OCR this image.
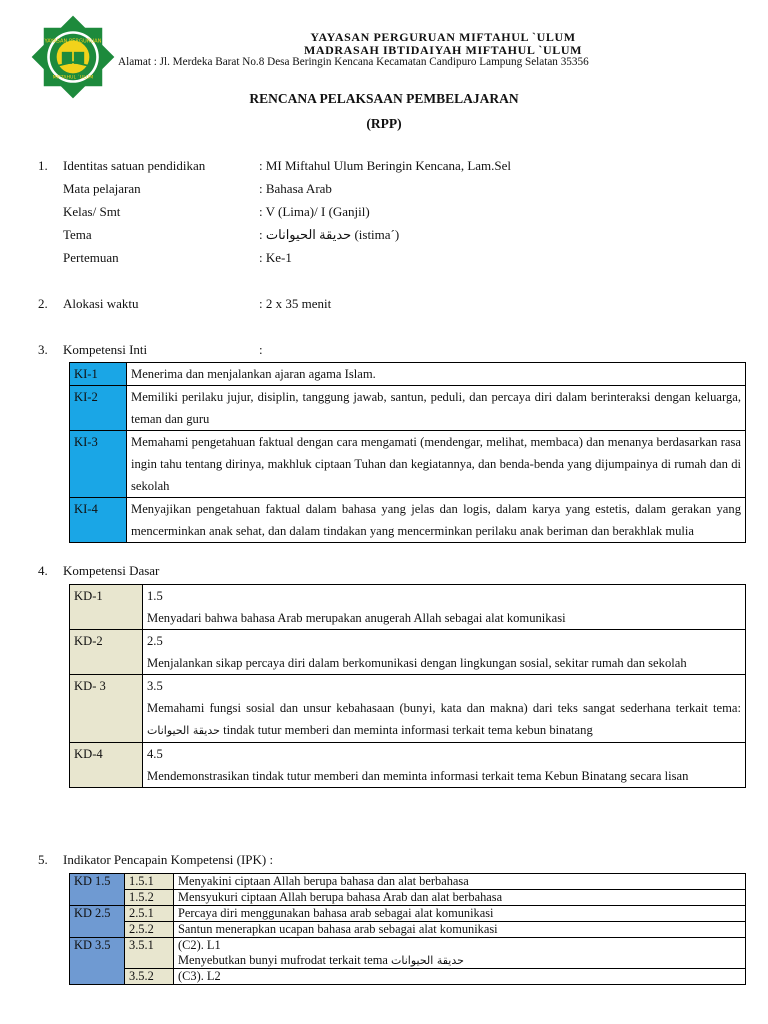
YAYASAN PERGURUAN
MIFTAHUL `ULUM
YAYASAN PERGURUAN MIFTAHUL `ULUM
MADRASAH IBTIDAIYAH MIFTAHUL `ULUM
Alamat : Jl. Merdeka Barat No.8 Desa Beringin Kencana Kecamatan Candipuro Lampung Selatan 35356
RENCANA PELAKSAAN PEMBELAJARAN
(RPP)
1. Identitas satuan pendidikan	: MI Miftahul Ulum Beringin Kencana, Lam.Sel
Mata pelajaran	: Bahasa Arab
Kelas/ Smt	: V (Lima)/ I (Ganjil)
Tema	: حديقة الحيوانات (istima´)
Pertemuan	: Ke-1
2. Alokasi waktu	: 2 x 35 menit
3. Kompetensi Inti	:
KI-1	Menerima dan menjalankan ajaran agama Islam.
KI-2	Memiliki perilaku jujur, disiplin, tanggung jawab, santun, peduli, dan percaya diri dalam berinteraksi dengan keluarga, teman dan guru
KI-3	Memahami pengetahuan faktual dengan cara mengamati (mendengar, melihat, membaca) dan menanya berdasarkan rasa ingin tahu tentang dirinya, makhluk ciptaan Tuhan dan kegiatannya, dan benda-benda yang dijumpainya di rumah dan di sekolah
KI-4	Menyajikan pengetahuan faktual dalam bahasa yang jelas dan logis, dalam karya yang estetis, dalam gerakan yang mencerminkan anak sehat, dan dalam tindakan yang mencerminkan perilaku anak beriman dan berakhlak mulia
4. Kompetensi Dasar
KD-1	1.5
Menyadari bahwa bahasa Arab merupakan anugerah Allah sebagai alat komunikasi

KD-2	2.5
Menjalankan sikap percaya diri dalam berkomunikasi dengan lingkungan sosial, sekitar rumah dan sekolah

KD- 3	3.5
Memahami fungsi sosial dan unsur kebahasaan (bunyi, kata dan makna) dari teks sangat sederhana terkait tema: حديقة الحيوانات tindak tutur memberi dan meminta informasi terkait tema kebun binatang

KD-4	4.5
Mendemonstrasikan tindak tutur memberi dan meminta informasi terkait tema Kebun Binatang secara lisan
5. Indikator Pencapain Kompetensi (IPK) :
KD 1.5	1.5.1	Menyakini ciptaan Allah berupa bahasa dan alat berbahasa
	1.5.2	Mensyukuri ciptaan Allah berupa bahasa Arab dan alat berbahasa
KD 2.5	2.5.1	Percaya diri menggunakan bahasa arab sebagai alat komunikasi
	2.5.2	Santun menerapkan ucapan bahasa arab sebagai alat komunikasi
KD 3.5	3.5.1	(C2). L1
Menyebutkan bunyi mufrodat terkait tema حديقة الحيوانات

	3.5.2	(C3). L2
